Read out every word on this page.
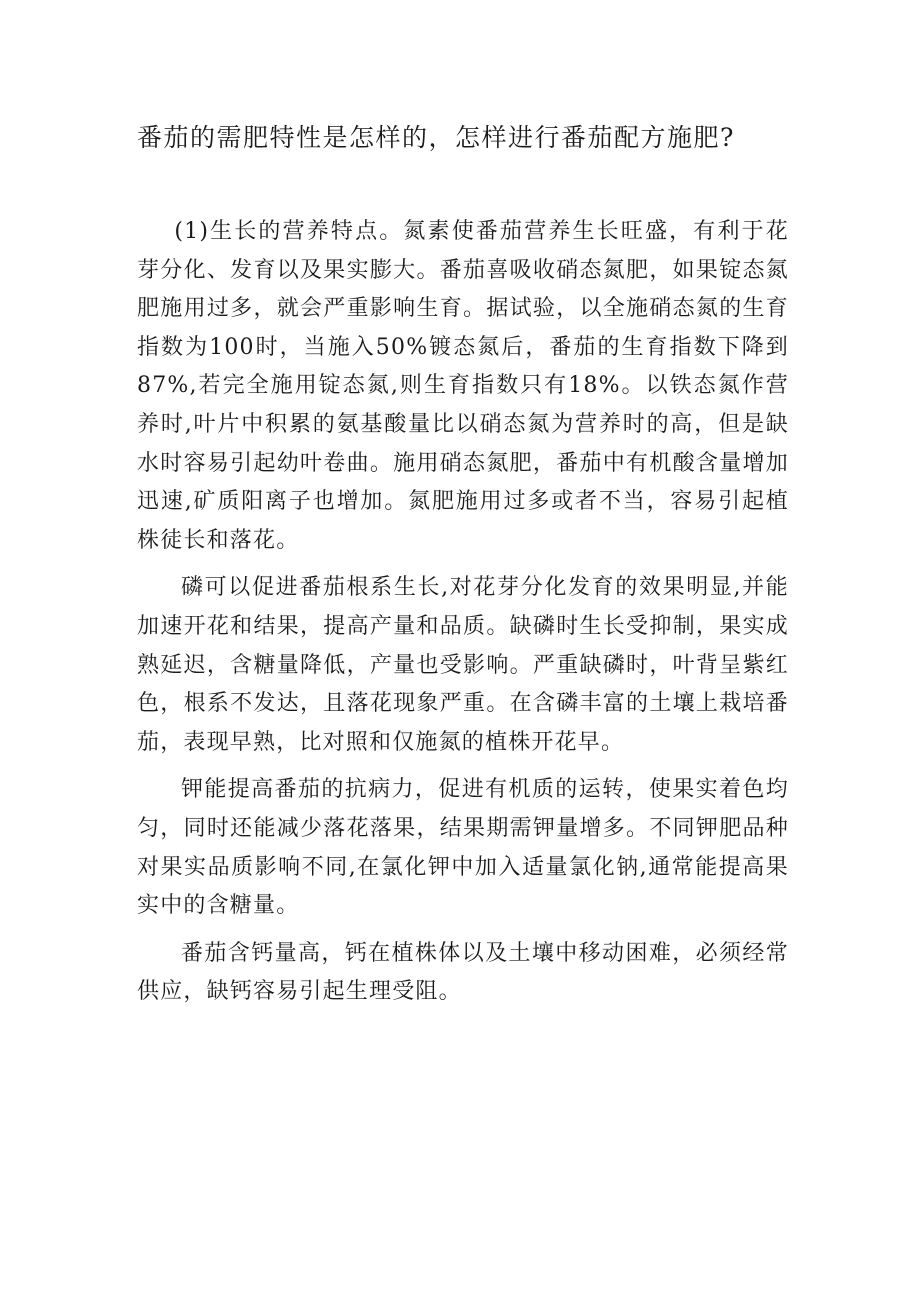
番茄的需肥特性是怎样的，怎样进行番茄配方施肥?

(1)生长的营养特点。氮素使番茄营养生长旺盛，有利于花芽分化、发育以及果实膨大。番茄喜吸收硝态氮肥，如果锭态氮肥施用过多，就会严重影响生育。据试验，以全施硝态氮的生育指数为100时，当施入50%镀态氮后，番茄的生育指数下降到87%,若完全施用锭态氮,则生育指数只有18%。以铁态氮作营养时,叶片中积累的氨基酸量比以硝态氮为营养时的高，但是缺水时容易引起幼叶卷曲。施用硝态氮肥，番茄中有机酸含量增加迅速,矿质阳离子也增加。氮肥施用过多或者不当，容易引起植株徒长和落花。

磷可以促进番茄根系生长,对花芽分化发育的效果明显,并能加速开花和结果，提高产量和品质。缺磷时生长受抑制，果实成熟延迟，含糖量降低，产量也受影响。严重缺磷时，叶背呈紫红色，根系不发达，且落花现象严重。在含磷丰富的土壤上栽培番茄，表现早熟，比对照和仅施氮的植株开花早。

钾能提高番茄的抗病力，促进有机质的运转，使果实着色均匀，同时还能减少落花落果，结果期需钾量增多。不同钾肥品种对果实品质影响不同,在氯化钾中加入适量氯化钠,通常能提高果实中的含糖量。

番茄含钙量高，钙在植株体以及土壤中移动困难，必须经常供应，缺钙容易引起生理受阻。
